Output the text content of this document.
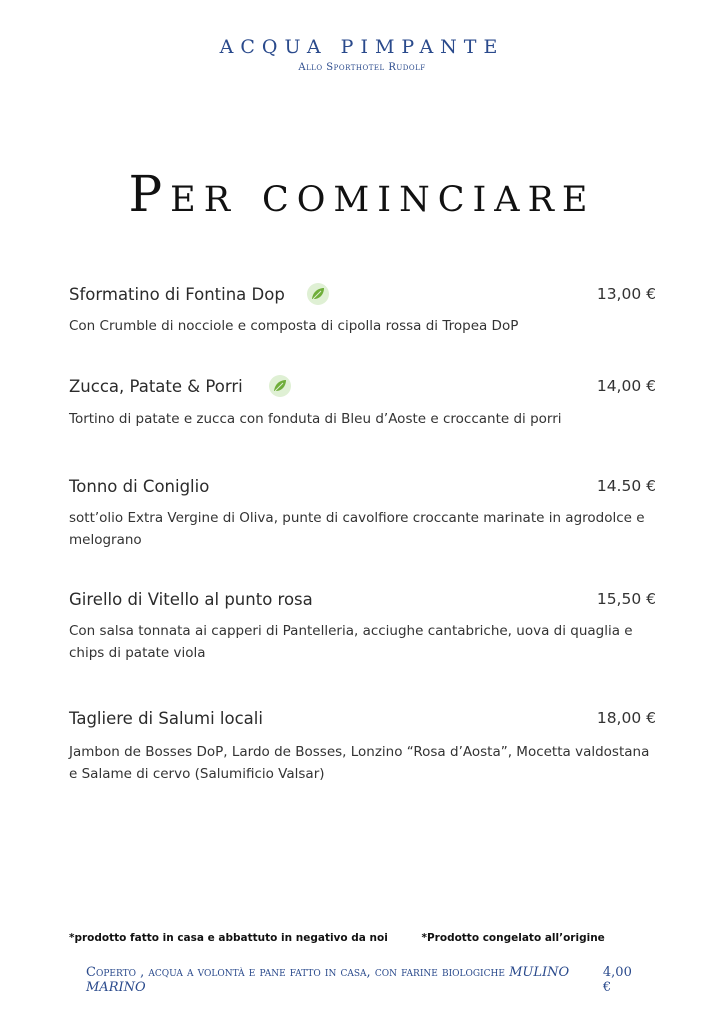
ACQUA PIMPANTE
Allo Sporthotel Rudolf
Per cominciare
Sformatino di Fontina Dop	13,00 €
Con Crumble di nocciole e composta di cipolla rossa di Tropea DoP
Zucca, Patate & Porri	14,00 €
Tortino di patate e zucca con fonduta di Bleu d’Aoste e croccante di porri
Tonno di Coniglio	14.50 €
sott’olio Extra Vergine di Oliva, punte di cavolfiore croccante marinate in agrodolce e melograno
Girello di Vitello al punto rosa	15,50 €
Con salsa tonnata ai capperi di Pantelleria, acciughe cantabriche, uova di quaglia e chips di patate viola
Tagliere di Salumi locali	18,00 €
Jambon de Bosses DoP, Lardo de Bosses, Lonzino “Rosa d’Aosta”, Mocetta valdostana e Salame di cervo (Salumificio Valsar)
*prodotto fatto in casa e abbattuto in negativo da noi	*Prodotto congelato all’origine
Coperto , acqua a volontà e pane fatto in casa, con farine biologiche MULINO MARINO
4,00 €
